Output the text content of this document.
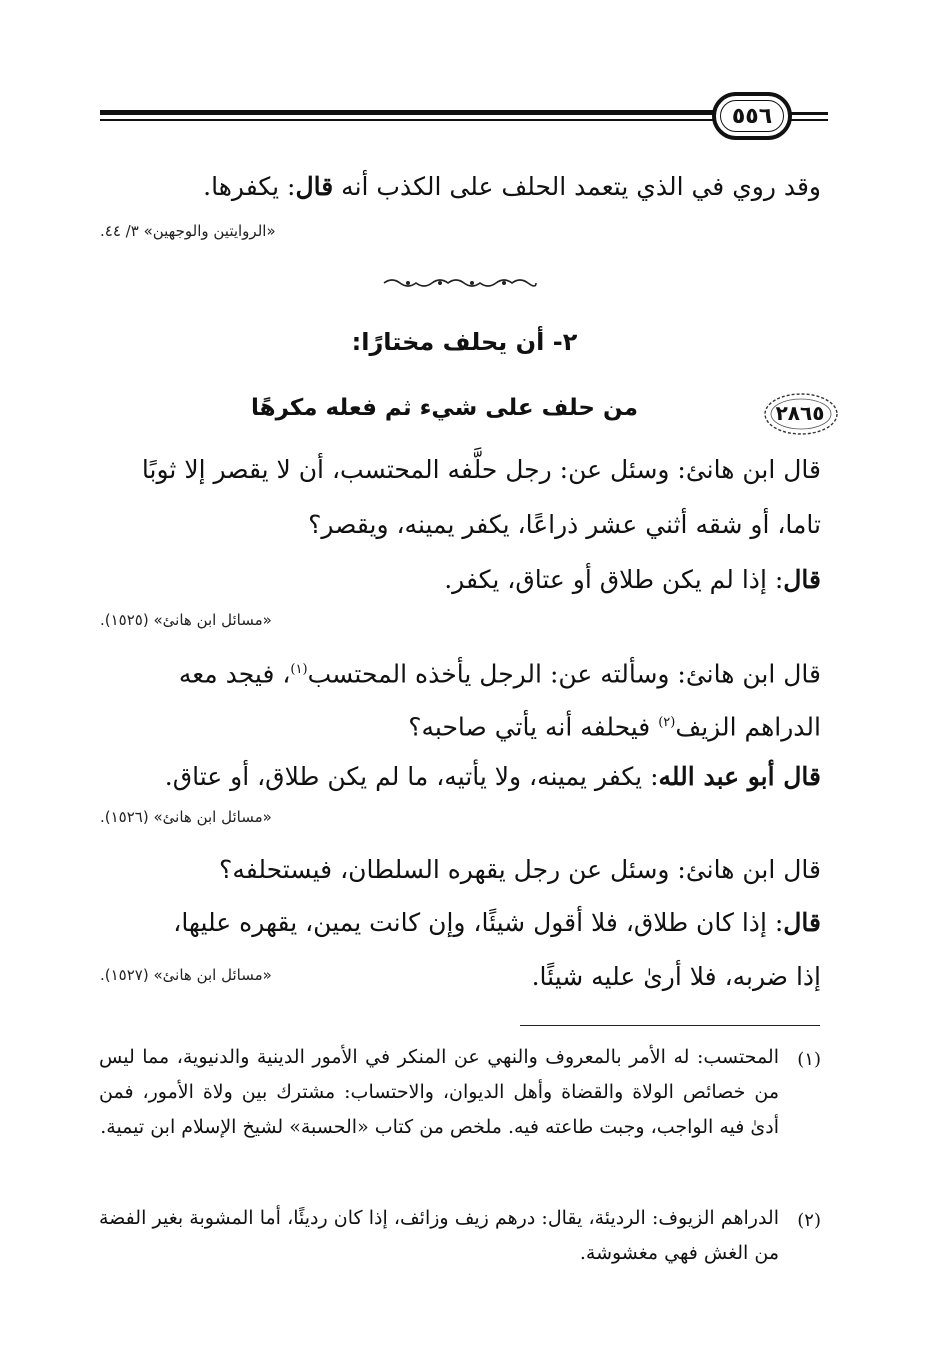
٥٥٦
وقد روي في الذي يتعمد الحلف على الكذب أنه قال: يكفرها.
«الروايتين والوجهين» ٣/ ٤٤.
٢- أن يحلف مختارًا:
٢٨٦٥
من حلف على شيء ثم فعله مكرهًا
قال ابن هانئ: وسئل عن: رجل حلَّفه المحتسب، أن لا يقصر إلا ثوبًا
تاما، أو شقه أثني عشر ذراعًا، يكفر يمينه، ويقصر؟
قال: إذا لم يكن طلاق أو عتاق، يكفر.
«مسائل ابن هانئ» (١٥٢٥).
قال ابن هانئ: وسألته عن: الرجل يأخذه المحتسب$^{(١)}$، فيجد معه
الدراهم الزيف$^{(٢)}$ فيحلفه أنه يأتي صاحبه؟
قال أبو عبد الله: يكفر يمينه، ولا يأتيه، ما لم يكن طلاق، أو عتاق.
«مسائل ابن هانئ» (١٥٢٦).
قال ابن هانئ: وسئل عن رجل يقهره السلطان، فيستحلفه؟
قال: إذا كان طلاق، فلا أقول شيئًا، وإن كانت يمين، يقهره عليها،
إذا ضربه، فلا أرىٰ عليه شيئًا.
«مسائل ابن هانئ» (١٥٢٧).
(١)
المحتسب: له الأمر بالمعروف والنهي عن المنكر في الأمور الدينية والدنيوية، مما ليس من خصائص الولاة والقضاة وأهل الديوان، والاحتساب: مشترك بين ولاة الأمور، فمن أدىٰ فيه الواجب، وجبت طاعته فيه. ملخص من كتاب «الحسبة» لشيخ الإسلام ابن تيمية.
(٢)
الدراهم الزيوف: الرديئة، يقال: درهم زيف وزائف، إذا كان رديئًا، أما المشوبة بغير الفضة من الغش فهي مغشوشة.
